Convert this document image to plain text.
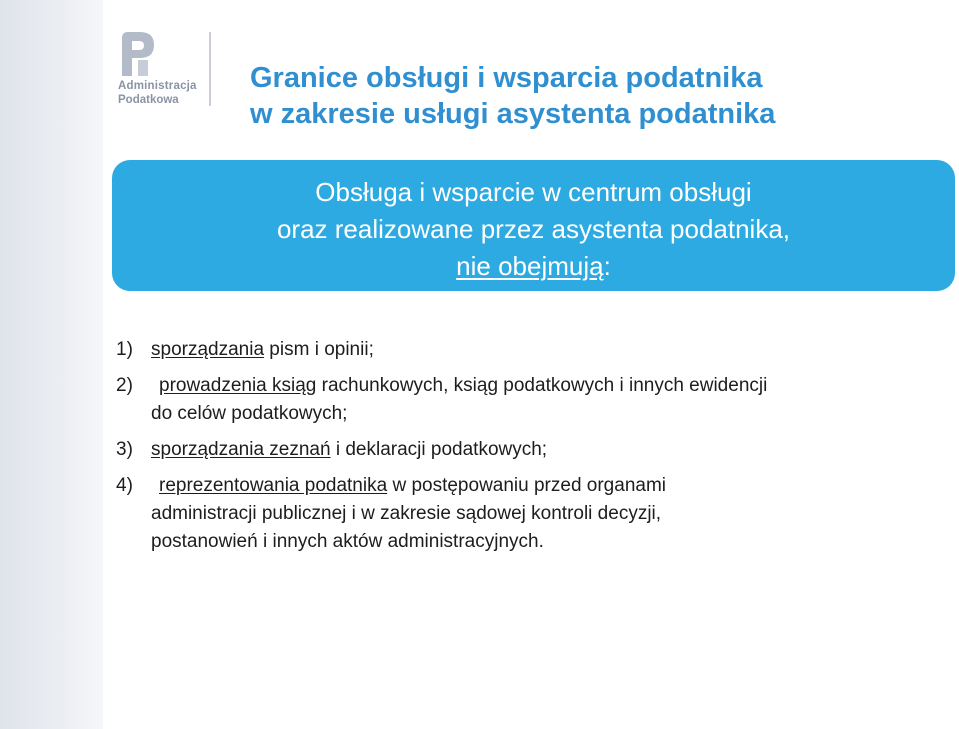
Administracja
Podatkowa
Granice obsługi i wsparcia podatnika
w zakresie usługi asystenta podatnika
Obsługa i wsparcie w centrum obsługi
oraz realizowane przez asystenta podatnika,
nie obejmują:
1) sporządzania pism i opinii;
2) prowadzenia ksiąg rachunkowych, ksiąg podatkowych i innych ewidencji
do celów podatkowych;
3) sporządzania zeznań i deklaracji podatkowych;
4) reprezentowania podatnika w postępowaniu przed organami
administracji publicznej i w zakresie sądowej kontroli decyzji,
postanowień i innych aktów administracyjnych.
